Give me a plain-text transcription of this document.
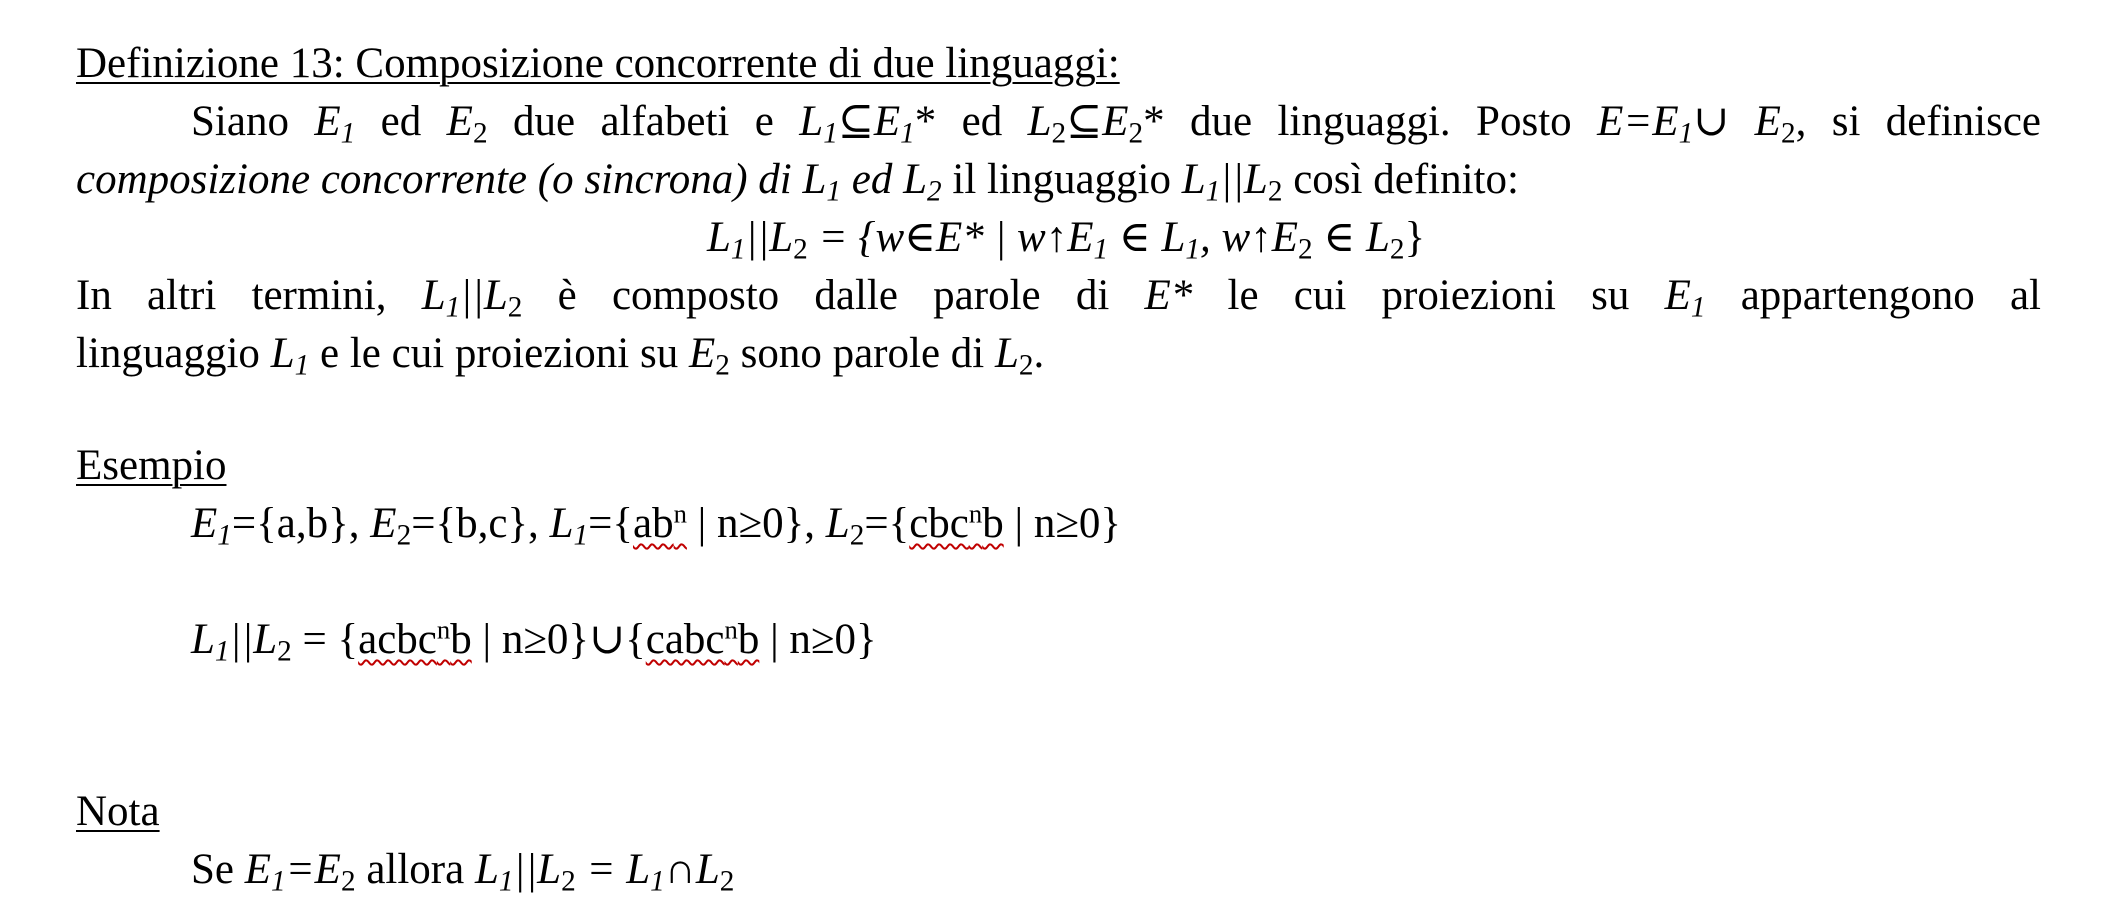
Definizione 13: Composizione concorrente di due linguaggi:
Siano $E_1$ ed $E_2$ due alfabeti e $L_1⊆E_1*$ ed $L_2⊆E_2*$ due linguaggi. Posto $E=E_1\cup$ $E_2$, si definisce
composizione concorrente (o sincrona) di $L_1$ ed $L_2$ il linguaggio $L_1||L_2$ così definito:
$L_1||L_2$ = {w∈E* | $w↑E_1$ ∈ $L_1$, $w↑E_2$ ∈ $L_2$}
In altri termini, $L_1||L_2$ è composto dalle parole di E* le cui proiezioni su $E_1$ appartengono al
linguaggio $L_1$ e le cui proiezioni su $E_2$ sono parole di $L_2$.
Esempio
$E_1=\{a,b\}$, $E_2=\{b,c\}$, $L_1=\{ab^n$ | n≥0}, $L_2=\{cbc^nb$ | n≥0}
$L_1||L_2$ = {acbc$^n$b | n≥0}∪{cabc$^n$b | n≥0}
Nota
Se $E_1=E_2$ allora $L_1||L_2$ = $L_1\cap L_2$
